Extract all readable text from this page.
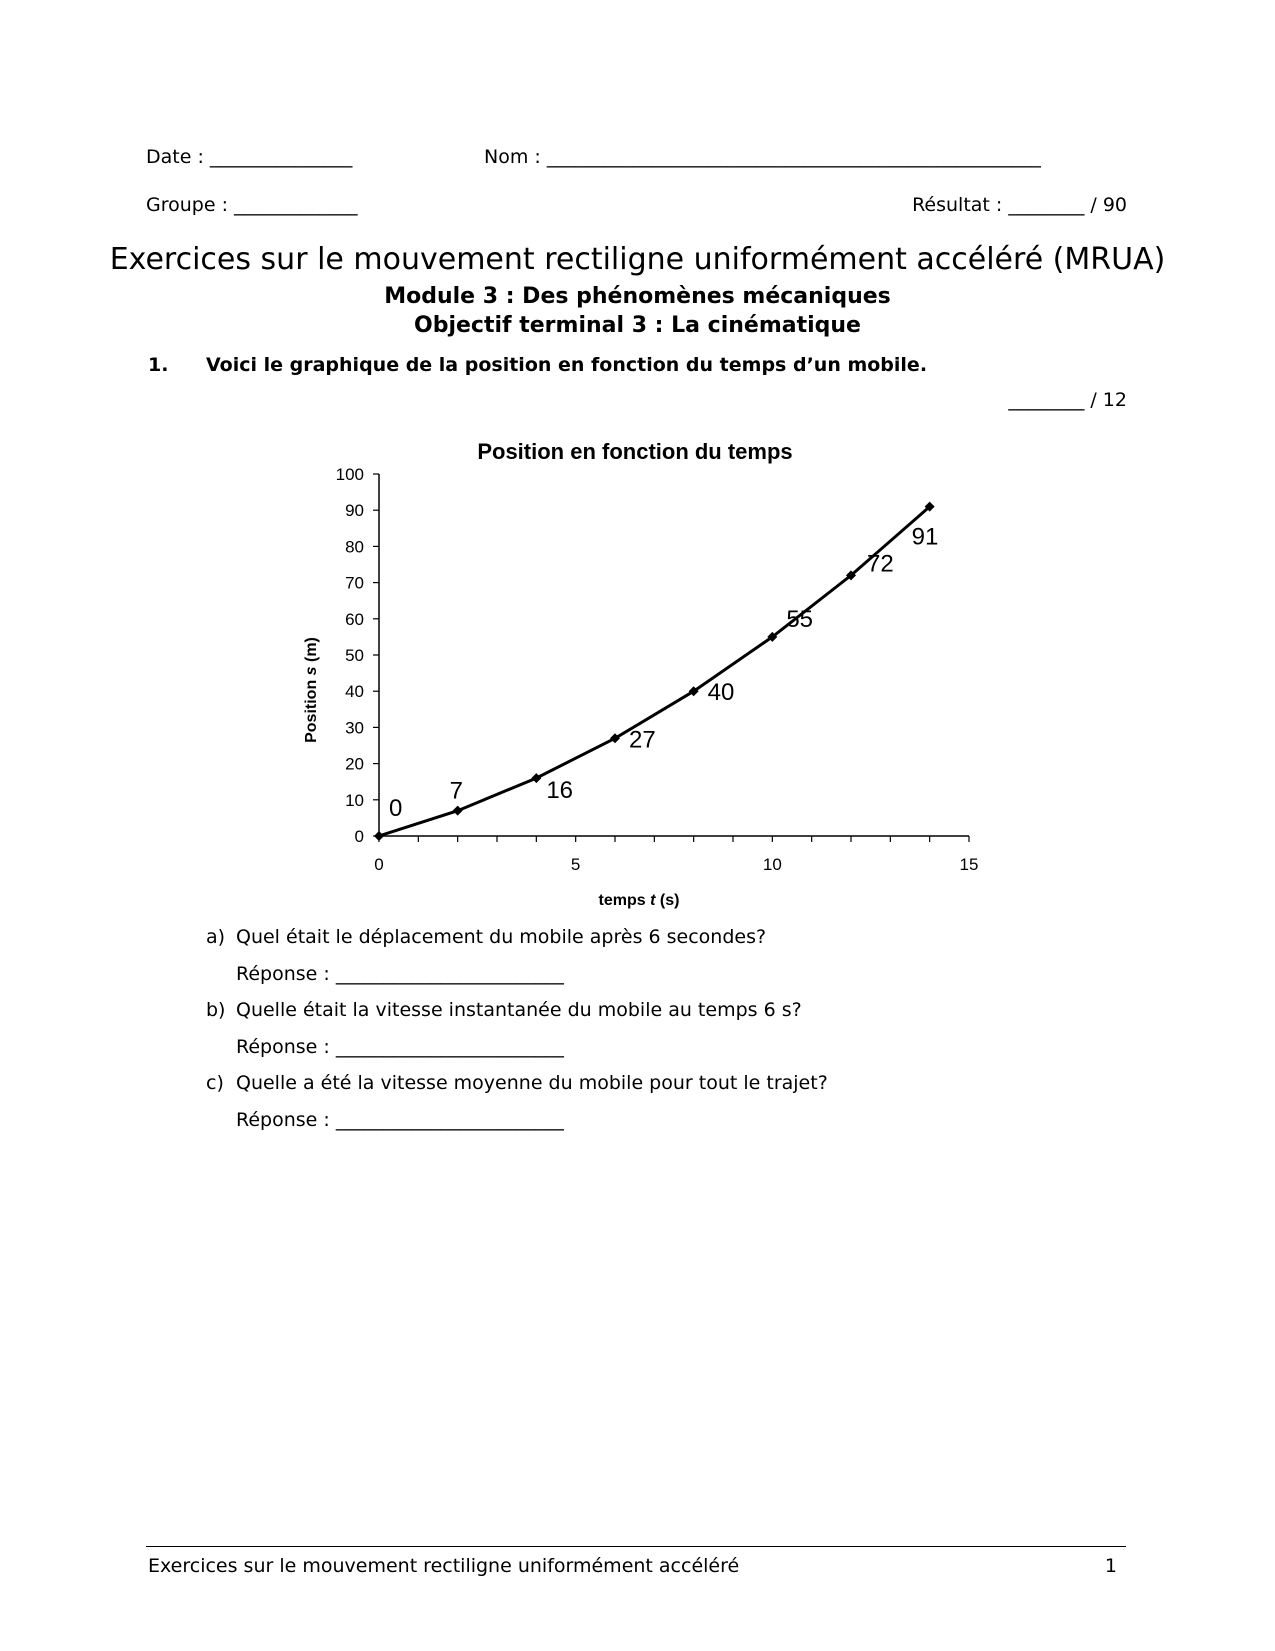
Date : _______________	Nom : ____________________________________________________
Groupe : _____________	Résultat : ________ / 90
Exercices sur le mouvement rectiligne uniformément accéléré (MRUA)
Module 3 : Des phénomènes mécaniques
Objectif terminal 3 : La cinématique
1. Voici le graphique de la position en fonction du temps d’un mobile.
________ / 12
Position en fonction du temps
0	5	10	15
0
10
20
30
40
50
60
70
80
90
100
0
7	16
27
40
55
72
91
temps t (s)
Position s (m)
a) Quel était le déplacement du mobile après 6 secondes?
Réponse : ________________________
b) Quelle était la vitesse instantanée du mobile au temps 6 s?
Réponse : ________________________
c) Quelle a été la vitesse moyenne du mobile pour tout le trajet?
Réponse : ________________________
Exercices sur le mouvement rectiligne uniformément accéléré	1
